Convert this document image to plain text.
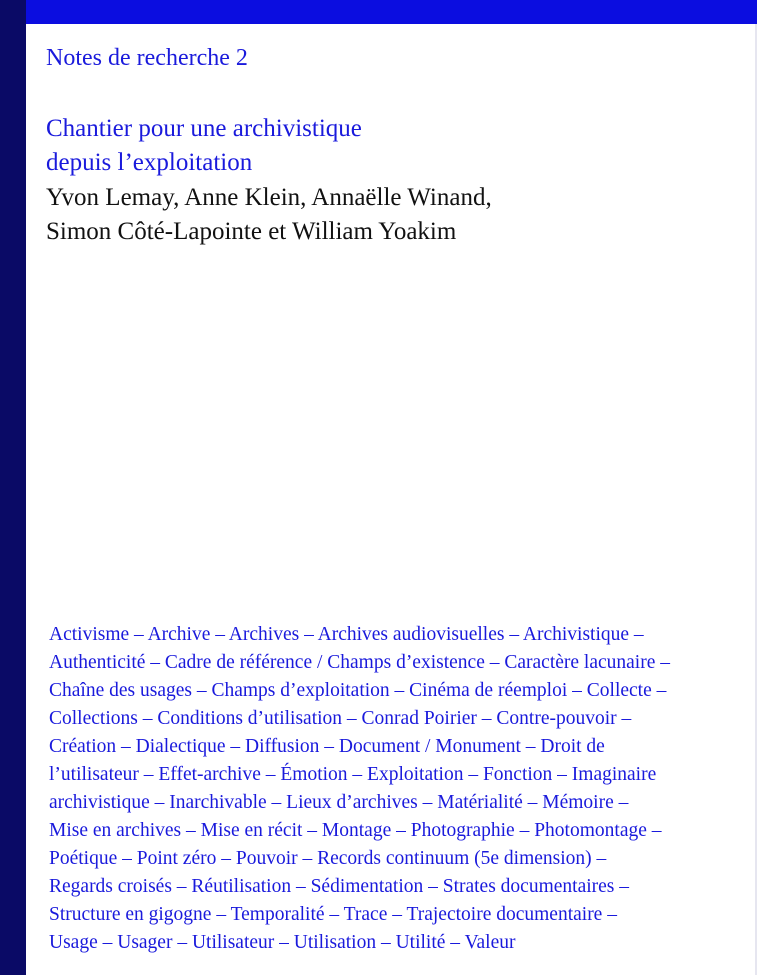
Notes de recherche 2
Chantier pour une archivistique
depuis l’exploitation

Yvon Lemay, Anne Klein, Annaëlle Winand,
Simon Côté-Lapointe et William Yoakim

Activisme – Archive – Archives – Archives audiovisuelles – Archivistique –
Authenticité – Cadre de référence / Champs d’existence – Caractère lacunaire –
Chaîne des usages – Champs d’exploitation – Cinéma de réemploi – Collecte –
Collections – Conditions d’utilisation – Conrad Poirier – Contre-pouvoir –
Création – Dialectique – Diffusion – Document / Monument – Droit de
l’utilisateur – Effet-archive – Émotion – Exploitation – Fonction – Imaginaire
archivistique – Inarchivable – Lieux d’archives – Matérialité – Mémoire –
Mise en archives – Mise en récit – Montage – Photographie – Photomontage –
Poétique – Point zéro – Pouvoir – Records continuum (5e dimension) –
Regards croisés – Réutilisation – Sédimentation – Strates documentaires –
Structure en gigogne – Temporalité – Trace – Trajectoire documentaire –
Usage – Usager – Utilisateur – Utilisation – Utilité – Valeur
